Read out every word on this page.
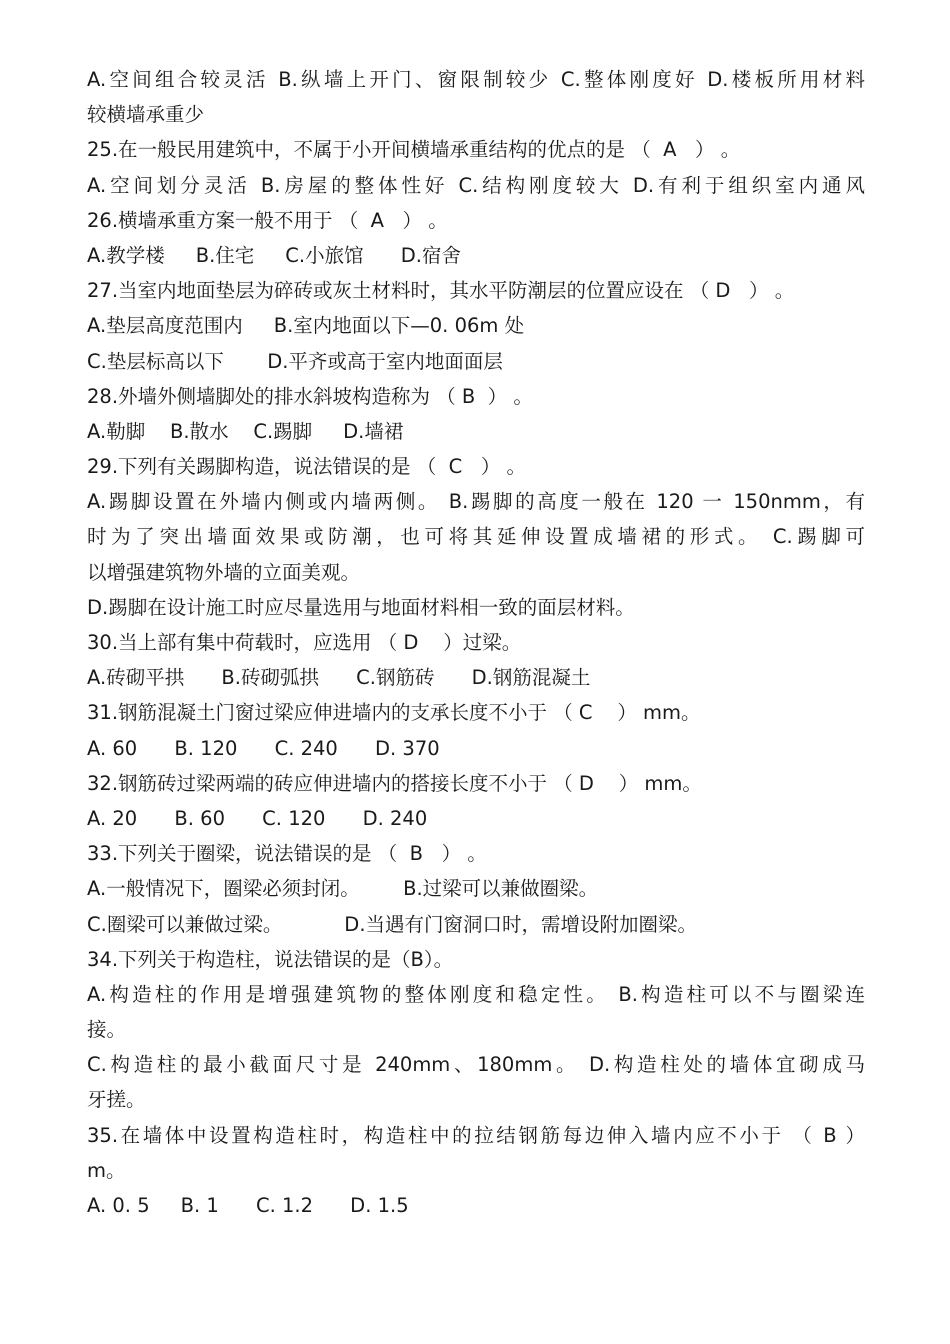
A.空间组合较灵活 B.纵墙上开门、窗限制较少 C.整体刚度好 D.楼板所用材料

较横墙承重少

25.在一般民用建筑中，不属于小开间横墙承重结构的优点的是 （  A   ） 。

A.空间划分灵活 B.房屋的整体性好 C.结构刚度较大 D.有利于组织室内通风

26.横墙承重方案一般不用于 （  A   ） 。

A.教学楼     B.住宅     C.小旅馆      D.宿舍

27.当室内地面垫层为碎砖或灰土材料时，其水平防潮层的位置应设在 （ D   ） 。

A.垫层高度范围内     B.室内地面以下—0. 06m 处

C.垫层标高以下       D.平齐或高于室内地面面层

28.外墙外侧墙脚处的排水斜坡构造称为 （ B  ） 。

A.勒脚    B.散水    C.踢脚     D.墙裙

29.下列有关踢脚构造，说法错误的是 （  C   ） 。

A.踢脚设置在外墙内侧或内墙两侧。 B.踢脚的高度一般在 120 一 150nmm，有

时为了突出墙面效果或防潮，也可将其延伸设置成墙裙的形式。 C.踢脚可

以增强建筑物外墙的立面美观。

D.踢脚在设计施工时应尽量选用与地面材料相一致的面层材料。

30.当上部有集中荷载时，应选用 （ D    ）过梁。

A.砖砌平拱      B.砖砌弧拱      C.钢筋砖      D.钢筋混凝土

31.钢筋混凝土门窗过梁应伸进墙内的支承长度不小于 （ C    ） mm。

A. 60      B. 120      C. 240      D. 370

32.钢筋砖过梁两端的砖应伸进墙内的搭接长度不小于 （ D    ） mm。

A. 20      B. 60      C. 120      D. 240

33.下列关于圈梁，说法错误的是 （  B   ） 。

A.一般情况下，圈梁必须封闭。       B.过梁可以兼做圈梁。

C.圈梁可以兼做过梁。          D.当遇有门窗洞口时，需增设附加圈梁。

34.下列关于构造柱，说法错误的是（B）。

A.构造柱的作用是增强建筑物的整体刚度和稳定性。 B.构造柱可以不与圈梁连

接。

C.构造柱的最小截面尺寸是 240mm、180mm。 D.构造柱处的墙体宜砌成马

牙搓。

35.在墙体中设置构造柱时，构造柱中的拉结钢筋每边伸入墙内应不小于 （ B ）

m。

A. 0. 5     B. 1      C. 1.2      D. 1.5
